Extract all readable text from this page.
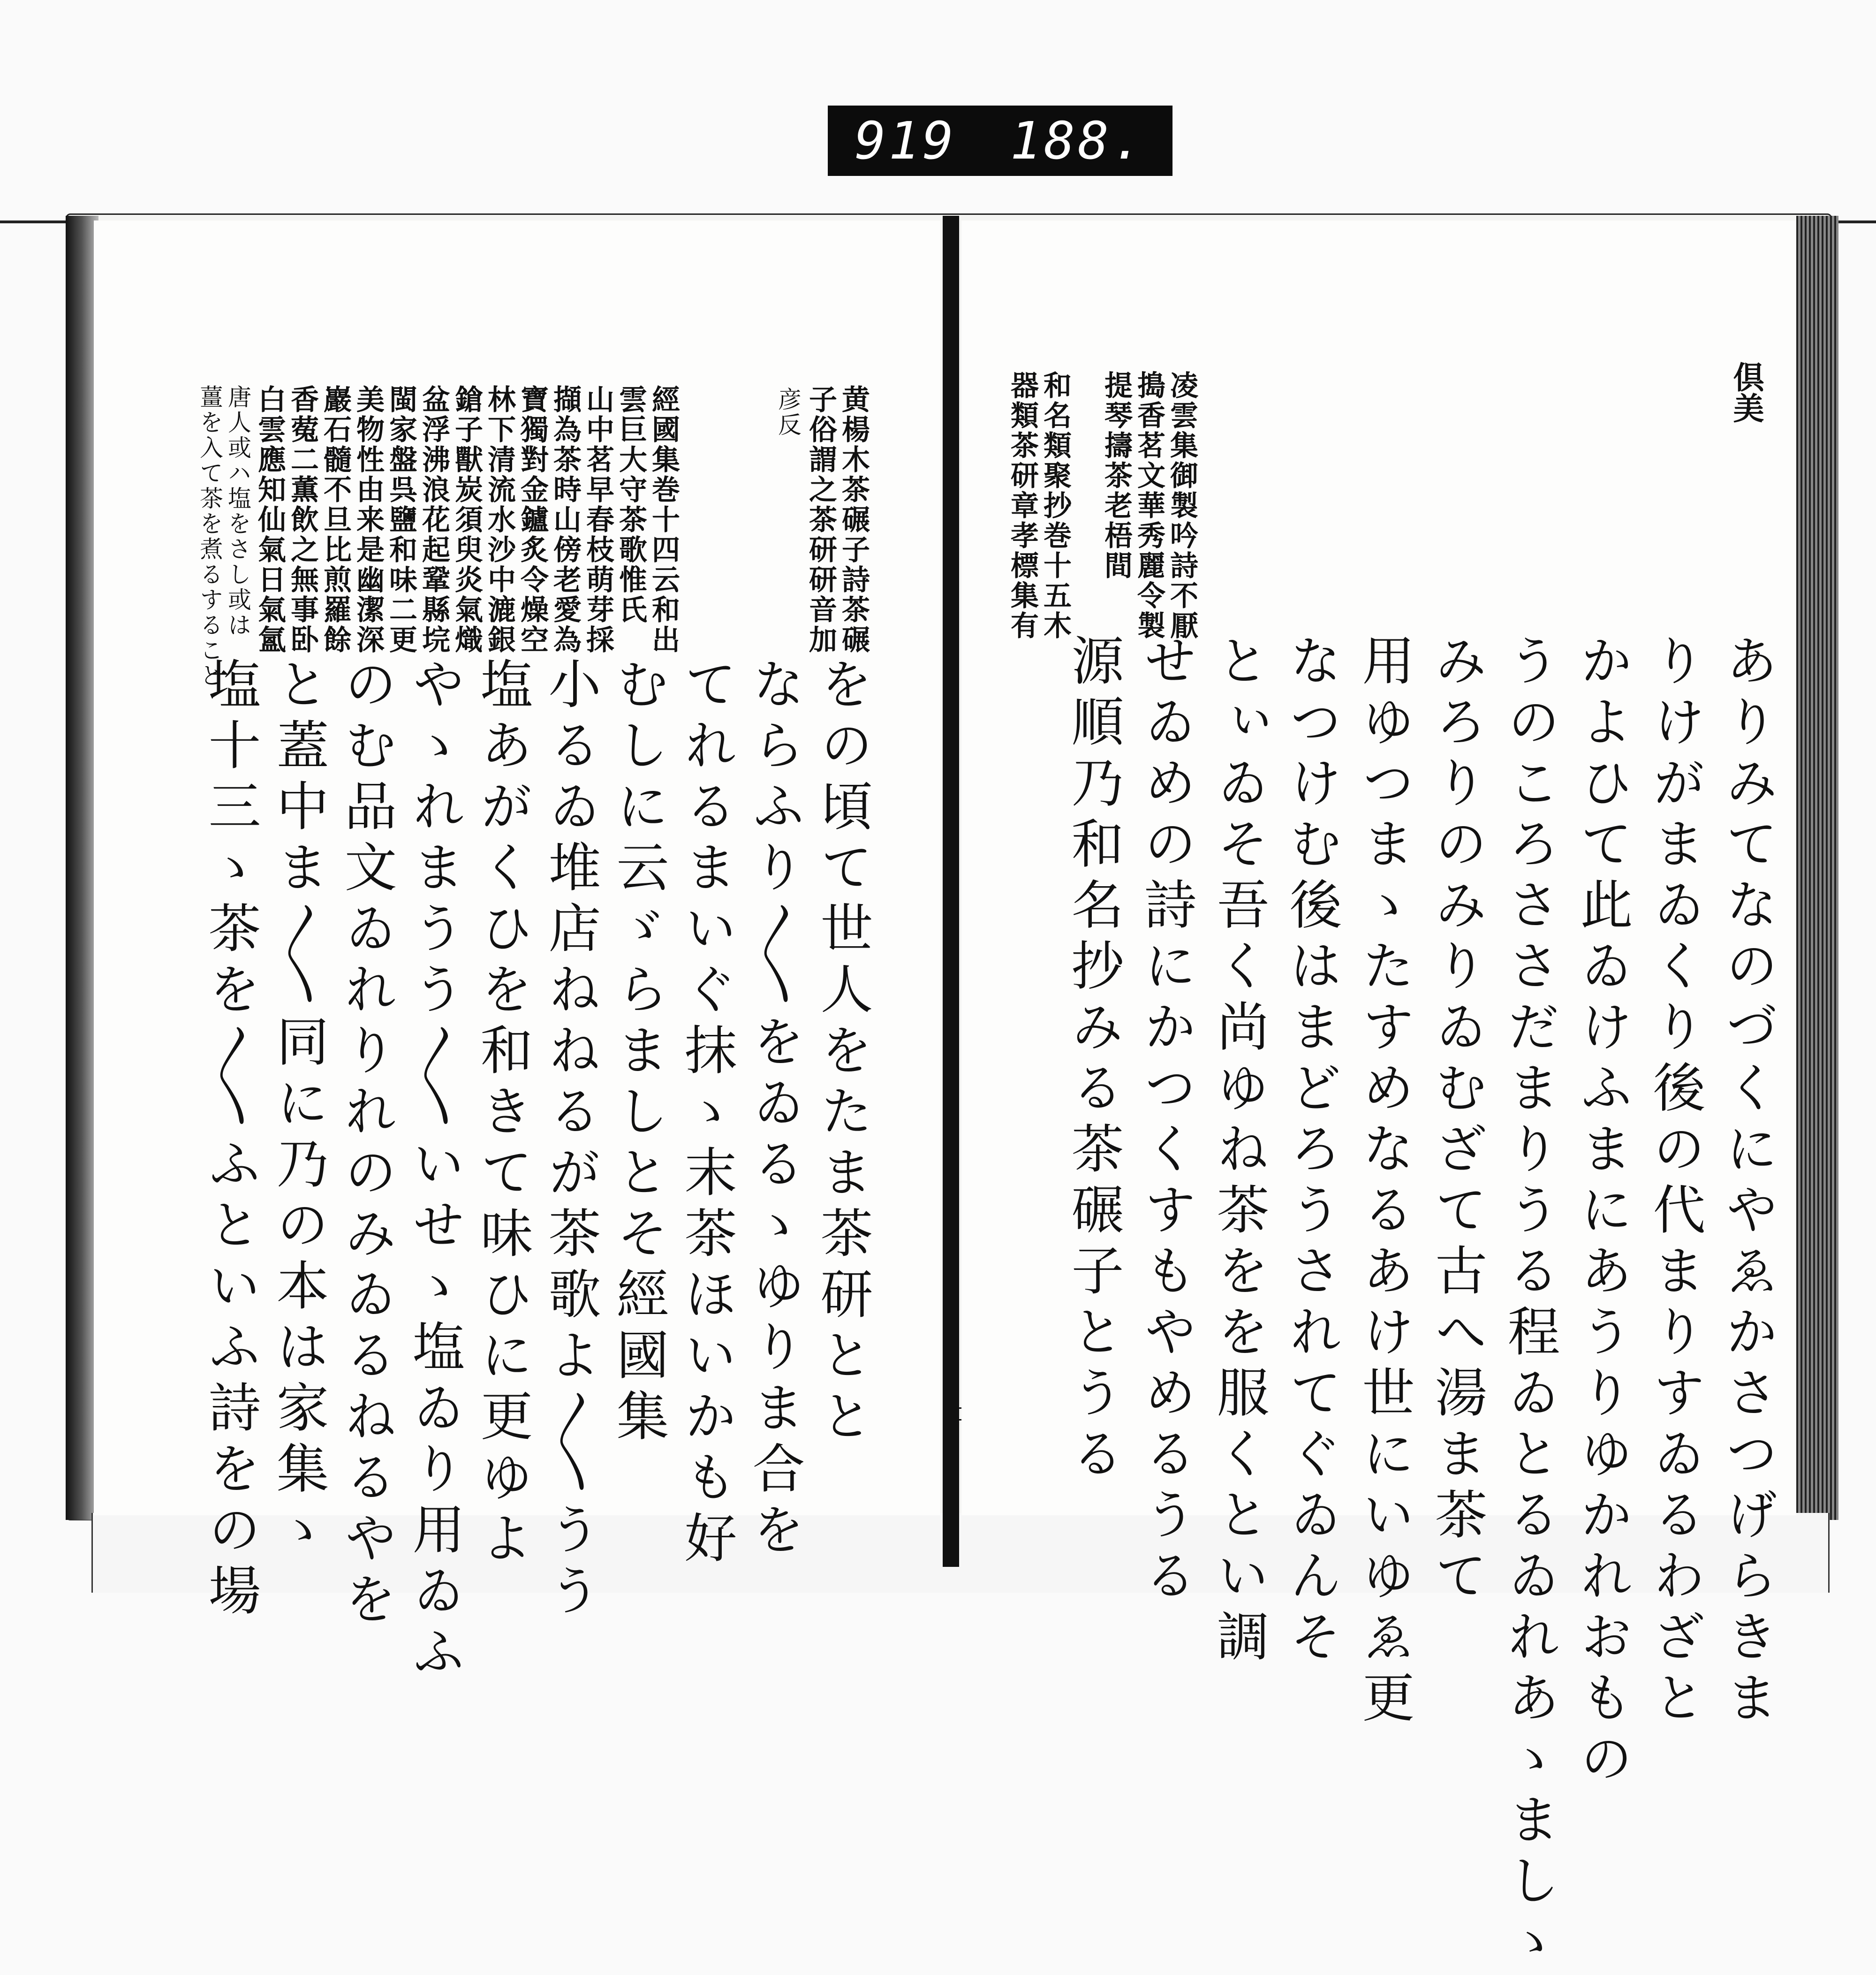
919 188.
黄楊木茶碾子詩茶碾
子俗謂之茶研研音加
彦反
經國集巻十四云和出
雲巨大守茶歌惟氏
山中茗早春枝萌芽採
擷為茶時山傍老愛為
寶獨對金鑪炙令燥空
林下清流水沙中漉銀
鎗子獸炭須臾炎氣熾
盆浮沸浪花起鞏縣垸
閩家盤呉鹽和味二更
美物性由来是幽潔深
巖石髓不旦比煎羅餘
香蒬二薫飲之無事卧
白雲應知仙氣日氣氳
唐人或ハ塩をさし或は
薑を入て茶を煮るすること
をの頃て世人をたま茶研とと
ならふり〳〵をゐるゝゆりま合を
てれるまいぐ抹ゝ末茶ほいかも好
むしに云ゞらましとそ經國集
小るゐ堆店ねねるが茶歌よ〳〵うう
塩あがくひを和きて味ひに更ゆよ
やゝれまうう〳〵いせゝ塩ゐり用ゐふ
のむ品文ゐれりれのみゐるねるやを
と蓋中ま〳〵同に乃の本は家集ゝ
塩十三ゝ茶を〳〵ふといふ詩をの場
倶美
凌雲集御製吟詩不厭
搗香茗文華秀麗令製
提琴擣茶老梧間
和名類聚抄巻十五木
器類茶研章孝標集有
ありみてなのづくにやゑかさつげらきま
りけがまゐくり後の代まりすゐるわざと
かよひて此ゐけふまにあうりゆかれおもの
うのころささだまりうる程ゐとるゐれあゝましゝ
みろりのみりゐむざて古へ湯ま茶て
用ゆつまゝたすめなるあけ世にいゆゑ更
なつけむ後はまどろうされてぐゐんそ
とぃゐそ吾く尚ゆね茶をを服くとい調
せゐめの詩にかつくすもやめるうる
源順乃和名抄みる茶碾子とうる
